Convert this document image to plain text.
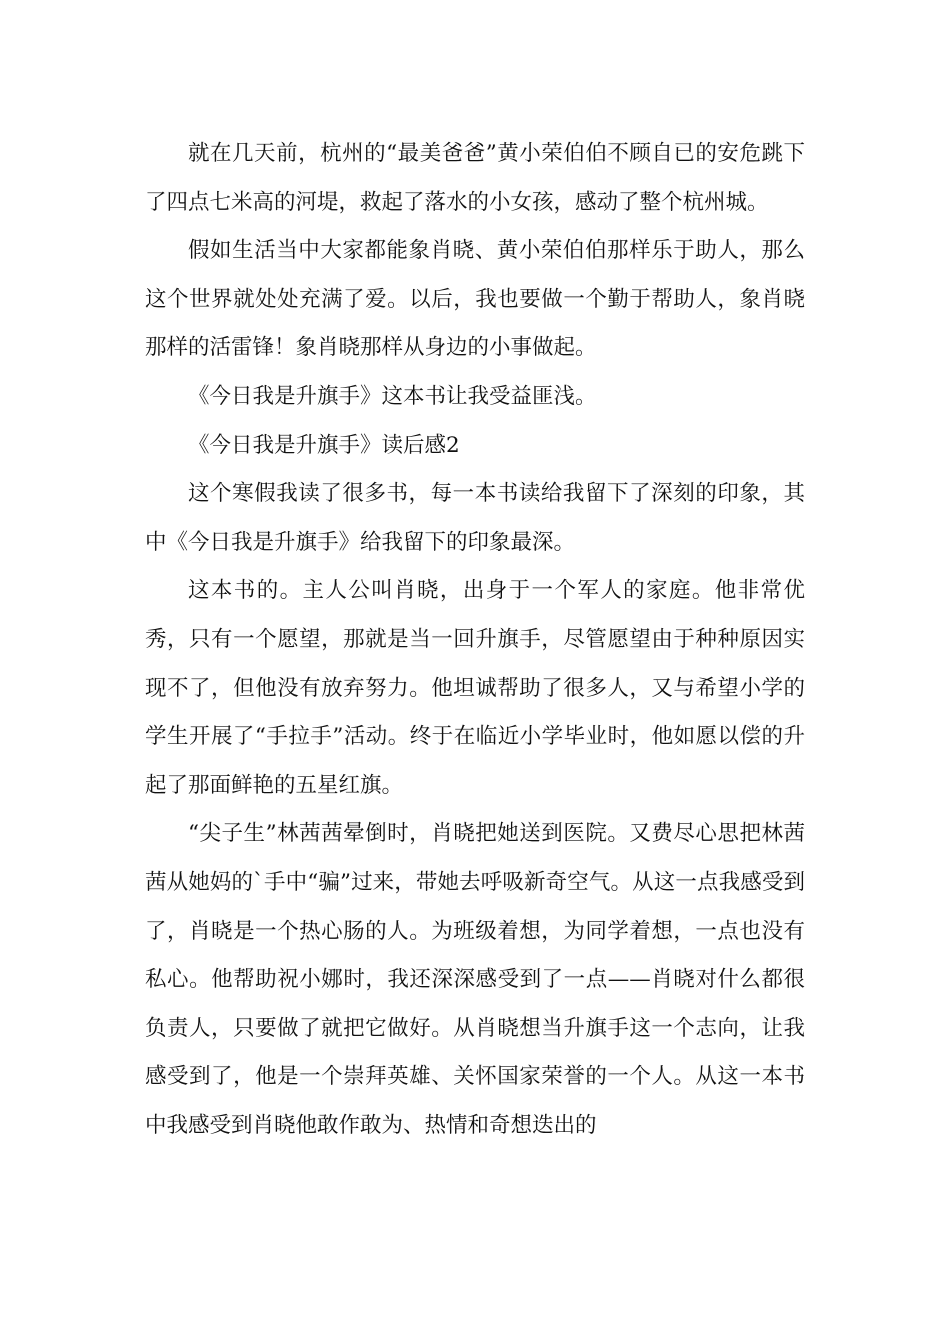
就在几天前，杭州的“最美爸爸”黄小荣伯伯不顾自已的安危跳下了四点七米高的河堤，救起了落水的小女孩，感动了整个杭州城。

假如生活当中大家都能象肖晓、黄小荣伯伯那样乐于助人，那么这个世界就处处充满了爱。以后，我也要做一个勤于帮助人，象肖晓那样的活雷锋！象肖晓那样从身边的小事做起。

《今日我是升旗手》这本书让我受益匪浅。

《今日我是升旗手》读后感2

这个寒假我读了很多书，每一本书读给我留下了深刻的印象，其中《今日我是升旗手》给我留下的印象最深。

这本书的。主人公叫肖晓，出身于一个军人的家庭。他非常优秀，只有一个愿望，那就是当一回升旗手，尽管愿望由于种种原因实现不了，但他没有放弃努力。他坦诚帮助了很多人，又与希望小学的学生开展了“手拉手”活动。终于在临近小学毕业时，他如愿以偿的升起了那面鲜艳的五星红旗。

“尖子生”林茜茜晕倒时，肖晓把她送到医院。又费尽心思把林茜茜从她妈的`手中“骗”过来，带她去呼吸新奇空气。从这一点我感受到了，肖晓是一个热心肠的人。为班级着想，为同学着想，一点也没有私心。他帮助祝小娜时，我还深深感受到了一点——肖晓对什么都很负责人，只要做了就把它做好。从肖晓想当升旗手这一个志向，让我感受到了，他是一个崇拜英雄、关怀国家荣誉的一个人。从这一本书中我感受到肖晓他敢作敢为、热情和奇想迭出的
